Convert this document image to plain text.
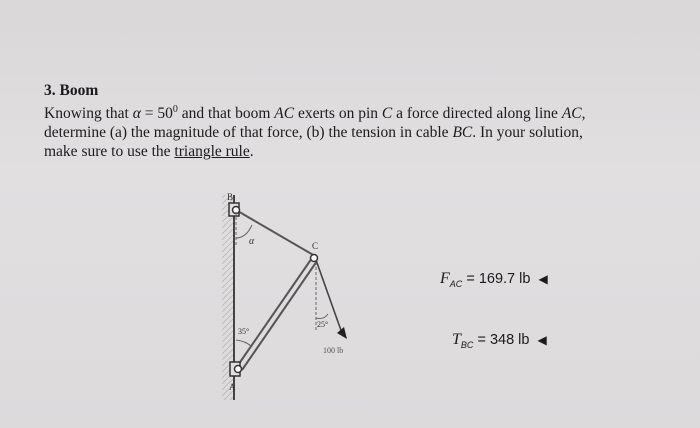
3. Boom

Knowing that $\alpha = 50^0$ and that boom AC exerts on pin C a force directed along line AC,
determine (a) the magnitude of that force, (b) the tension in cable BC. In your solution,
make sure to use the triangle rule.

B
α	C
35°
25°
100 lb
A
$F_{AC} = 169.7$ lb ◀
$T_{BC} = 348$ lb ◀
